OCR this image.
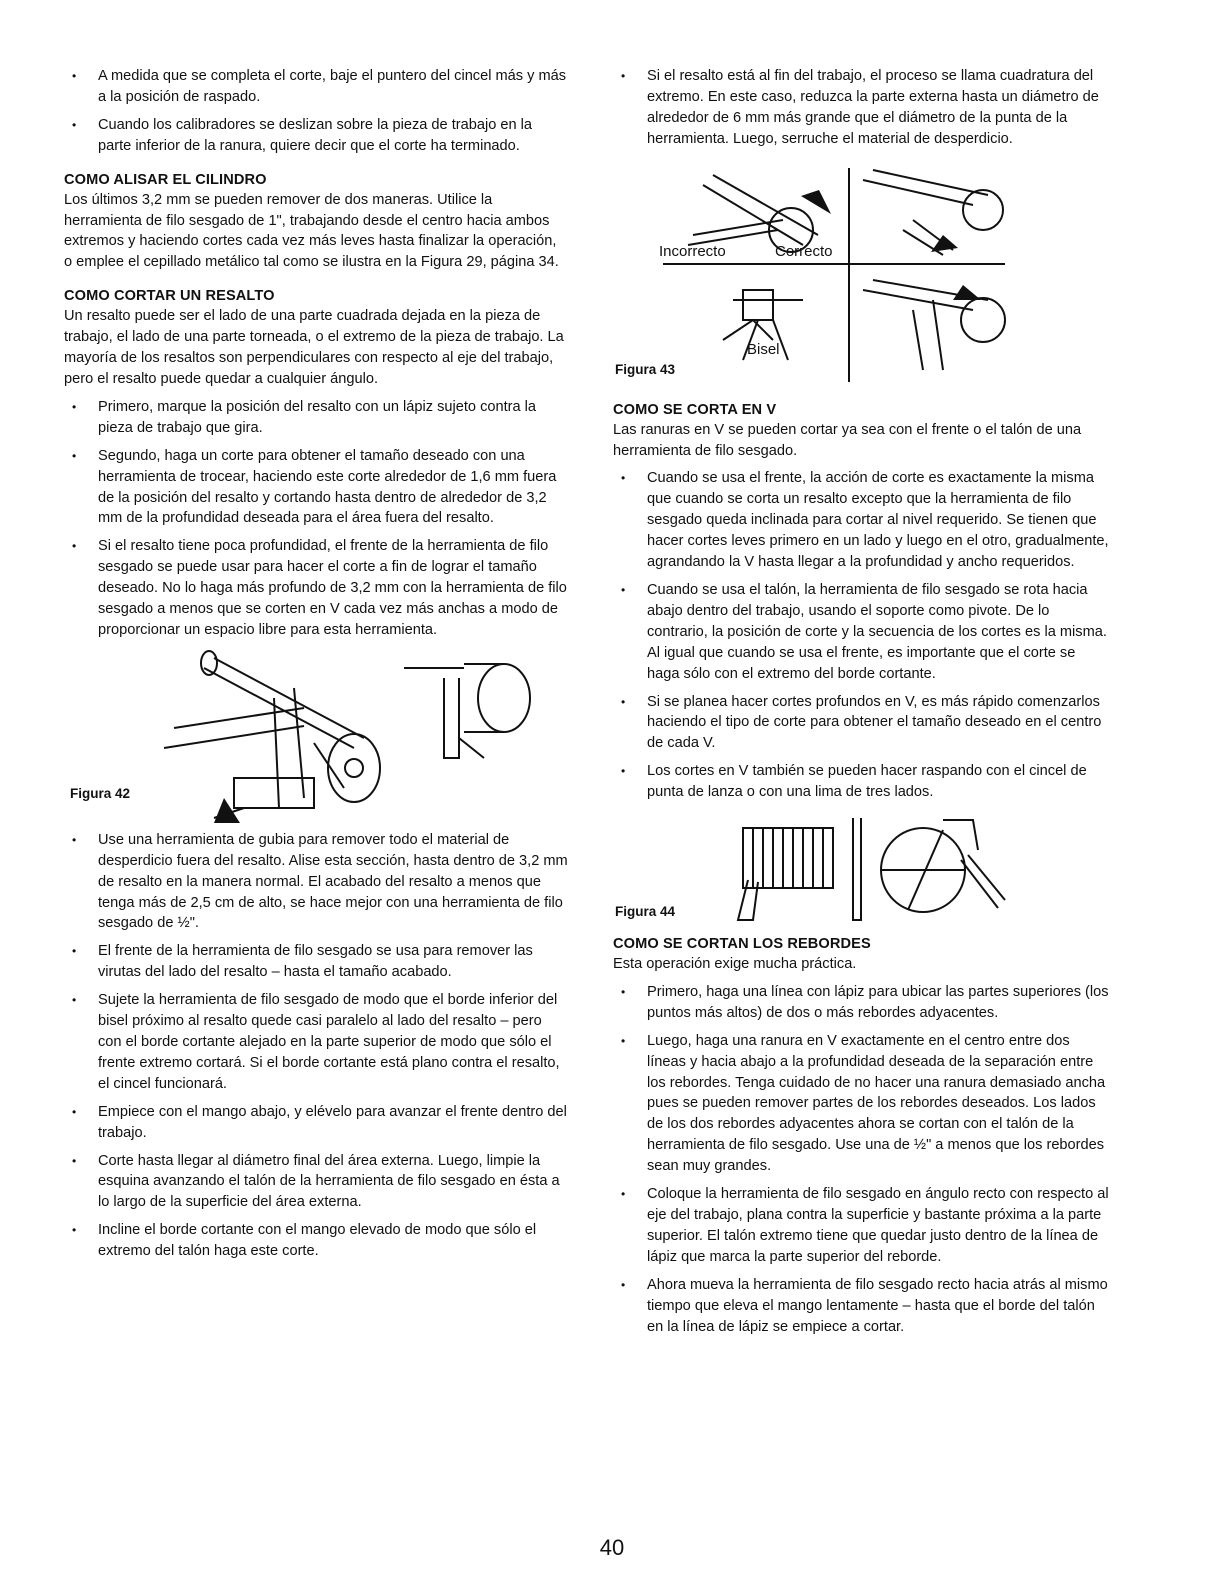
• A medida que se completa el corte, baje el puntero del cincel más y más a la posición de raspado.
• Cuando los calibradores se deslizan sobre la pieza de trabajo en la parte inferior de la ranura, quiere decir que el corte ha terminado.
COMO ALISAR EL CILINDRO

Los últimos 3,2 mm se pueden remover de dos maneras. Utilice la herramienta de filo sesgado de 1", trabajando desde el centro hacia ambos extremos y haciendo cortes cada vez más leves hasta finalizar la operación, o emplee el cepillado metálico tal como se ilustra en la Figura 29, página 34.

COMO CORTAR UN RESALTO

Un resalto puede ser el lado de una parte cuadrada dejada en la pieza de trabajo, el lado de una parte torneada, o el extremo de la pieza de trabajo. La mayoría de los resaltos son perpendiculares con respecto al eje del trabajo, pero el resalto puede quedar a cualquier ángulo.

• Primero, marque la posición del resalto con un lápiz sujeto contra la pieza de trabajo que gira.
• Segundo, haga un corte para obtener el tamaño deseado con una herramienta de trocear, haciendo este corte alrededor de 1,6 mm fuera de la posición del resalto y cortando hasta dentro de alrededor de 3,2 mm de la profundidad deseada para el área fuera del resalto.
• Si el resalto tiene poca profundidad, el frente de la herramienta de filo sesgado se puede usar para hacer el corte a fin de lograr el tamaño deseado. No lo haga más profundo de 3,2 mm con la herramienta de filo sesgado a menos que se corten en V cada vez más anchas a modo de proporcionar un espacio libre para esta herramienta.
Figura 42
• Use una herramienta de gubia para remover todo el material de desperdicio fuera del resalto. Alise esta sección, hasta dentro de 3,2 mm de resalto en la manera normal. El acabado del resalto a menos que tenga más de 2,5 cm de alto, se hace mejor con una herramienta de filo sesgado de ½".
• El frente de la herramienta de filo sesgado se usa para remover las virutas del lado del resalto – hasta el tamaño acabado.
• Sujete la herramienta de filo sesgado de modo que el borde inferior del bisel próximo al resalto quede casi paralelo al lado del resalto – pero con el borde cortante alejado en la parte superior de modo que sólo el frente extremo cortará. Si el borde cortante está plano contra el resalto, el cincel funcionará.
• Empiece con el mango abajo, y elévelo para avanzar el frente dentro del trabajo.
• Corte hasta llegar al diámetro final del área externa. Luego, limpie la esquina avanzando el talón de la herramienta de filo sesgado en ésta a lo largo de la superficie del área externa.
• Incline el borde cortante con el mango elevado de modo que sólo el extremo del talón haga este corte.
• Si el resalto está al fin del trabajo, el proceso se llama cuadratura del extremo. En este caso, reduzca la parte externa hasta un diámetro de alrededor de 6 mm más grande que el diámetro de la punta de la herramienta. Luego, serruche el material de desperdicio.
Incorrecto	Correcto
Bisel
Figura 43
COMO SE CORTA EN V

Las ranuras en V se pueden cortar ya sea con el frente o el talón de una herramienta de filo sesgado.

• Cuando se usa el frente, la acción de corte es exactamente la misma que cuando se corta un resalto excepto que la herramienta de filo sesgado queda inclinada para cortar al nivel requerido. Se tienen que hacer cortes leves primero en un lado y luego en el otro, gradualmente, agrandando la V hasta llegar a la profundidad y ancho requeridos.
• Cuando se usa el talón, la herramienta de filo sesgado se rota hacia abajo dentro del trabajo, usando el soporte como pivote. De lo contrario, la posición de corte y la secuencia de los cortes es la misma. Al igual que cuando se usa el frente, es importante que el corte se haga sólo con el extremo del borde cortante.
• Si se planea hacer cortes profundos en V, es más rápido comenzarlos haciendo el tipo de corte para obtener el tamaño deseado en el centro de cada V.
• Los cortes en V también se pueden hacer raspando con el cincel de punta de lanza o con una lima de tres lados.
Figura 44
COMO SE CORTAN LOS REBORDES

Esta operación exige mucha práctica.

• Primero, haga una línea con lápiz para ubicar las partes superiores (los puntos más altos) de dos o más rebordes adyacentes.
• Luego, haga una ranura en V exactamente en el centro entre dos líneas y hacia abajo a la profundidad deseada de la separación entre los rebordes. Tenga cuidado de no hacer una ranura demasiado ancha pues se pueden remover partes de los rebordes deseados. Los lados de los dos rebordes adyacentes ahora se cortan con el talón de la herramienta de filo sesgado. Use una de ½" a menos que los rebordes sean muy grandes.
• Coloque la herramienta de filo sesgado en ángulo recto con respecto al eje del trabajo, plana contra la superficie y bastante próxima a la parte superior. El talón extremo tiene que quedar justo dentro de la línea de lápiz que marca la parte superior del reborde.
• Ahora mueva la herramienta de filo sesgado recto hacia atrás al mismo tiempo que eleva el mango lentamente – hasta que el borde del talón en la línea de lápiz se empiece a cortar.
40
